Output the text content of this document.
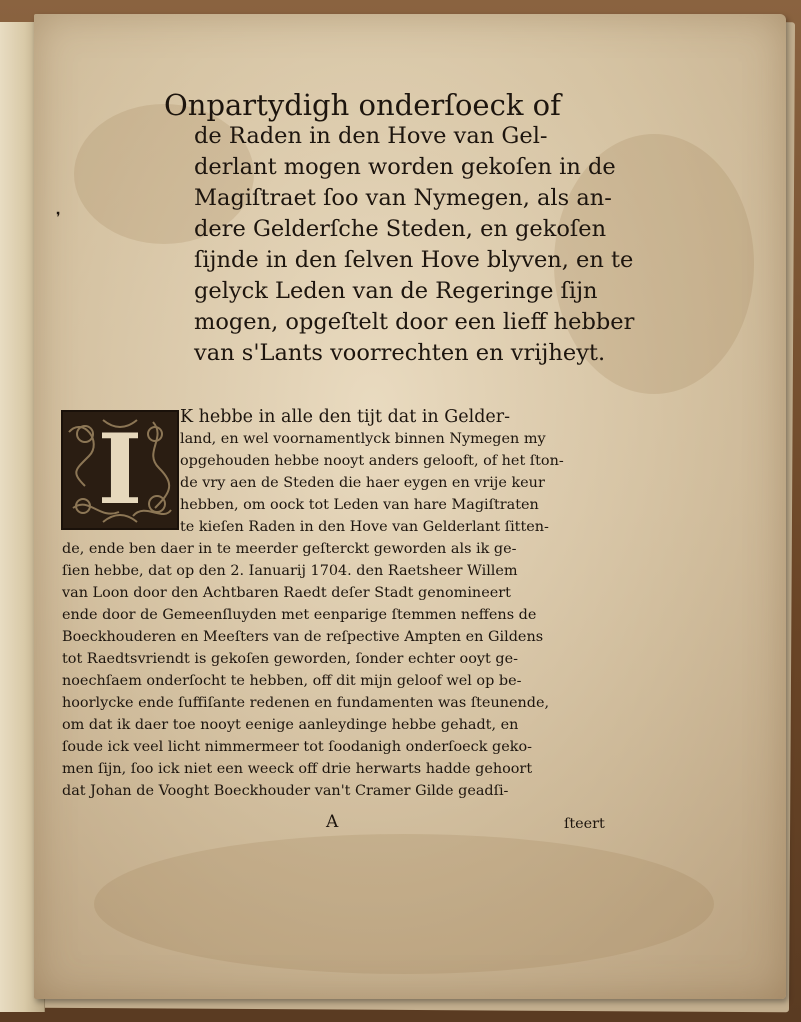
❜
Onpartydigh onderſoeck of
de Raden in den Hove van Gel-
derlant mogen worden gekoſen in de
Magiſtraet ſoo van Nymegen, als an-
dere Gelderſche Steden, en gekoſen
ſijnde in den ſelven Hove blyven, en te
gelyck Leden van de Regeringe ſijn
mogen, opgeſtelt door een lieff hebber
van s'Lants voorrechten en vrijheyt.
I K hebbe in alle den tijt dat in Gelder-
land, en wel voornamentlyck binnen Nymegen my
opgehouden hebbe nooyt anders gelooft, of het ſton-
de vry aen de Steden die haer eygen en vrije keur
hebben, om oock tot Leden van hare Magiſtraten
te kieſen Raden in den Hove van Gelderlant ſitten-
de, ende ben daer in te meerder geſterckt geworden als ik ge-
ſien hebbe, dat op den 2. Ianuarij 1704. den Raetsheer Willem
van Loon door den Achtbaren Raedt deſer Stadt genomineert
ende door de Gemeenſluyden met eenparige ſtemmen neffens de
Boeckhouderen en Meeſters van de reſpective Ampten en Gildens
tot Raedtsvriendt is gekoſen geworden, ſonder echter ooyt ge-
noechſaem onderſocht te hebben, off dit mijn geloof wel op be-
hoorlycke ende ſuffiſante redenen en fundamenten was ſteunende,
om dat ik daer toe nooyt eenige aanleydinge hebbe gehadt, en
ſoude ick veel licht nimmermeer tot ſoodanigh onderſoeck geko-
men ſijn, ſoo ick niet een weeck off drie herwarts hadde gehoort
dat Johan de Vooght Boeckhouder van't Cramer Gilde geadſi-
A	ſteert
